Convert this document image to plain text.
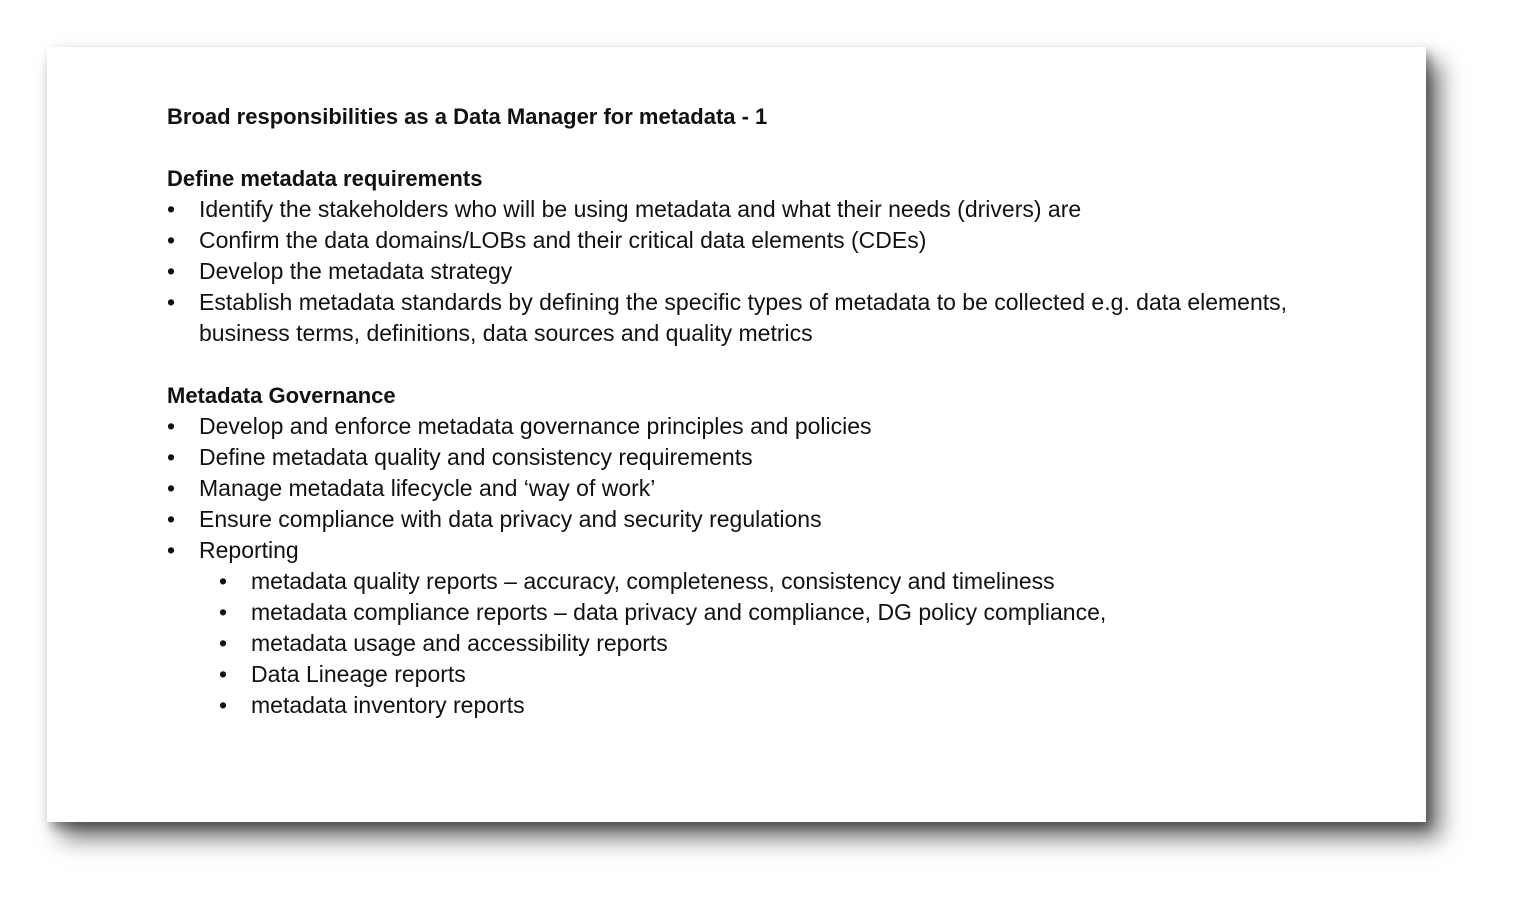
Broad responsibilities as a Data Manager for metadata - 1

Define metadata requirements

•	Identify the stakeholders who will be using metadata and what their needs (drivers) are
•	Confirm the data domains/LOBs and their critical data elements (CDEs)
•	Develop the metadata strategy
•	Establish metadata standards by defining the specific types of metadata to be collected e.g. data elements, business terms, definitions, data sources and quality metrics

Metadata Governance

•	Develop and enforce metadata governance principles and policies
•	Define metadata quality and consistency requirements
•	Manage metadata lifecycle and ‘way of work’
•	Ensure compliance with data privacy and security regulations
•	Reporting
•	metadata quality reports – accuracy, completeness, consistency and timeliness
•	metadata compliance reports – data privacy and compliance, DG policy compliance,
•	metadata usage and accessibility reports
•	Data Lineage reports
•	metadata inventory reports
